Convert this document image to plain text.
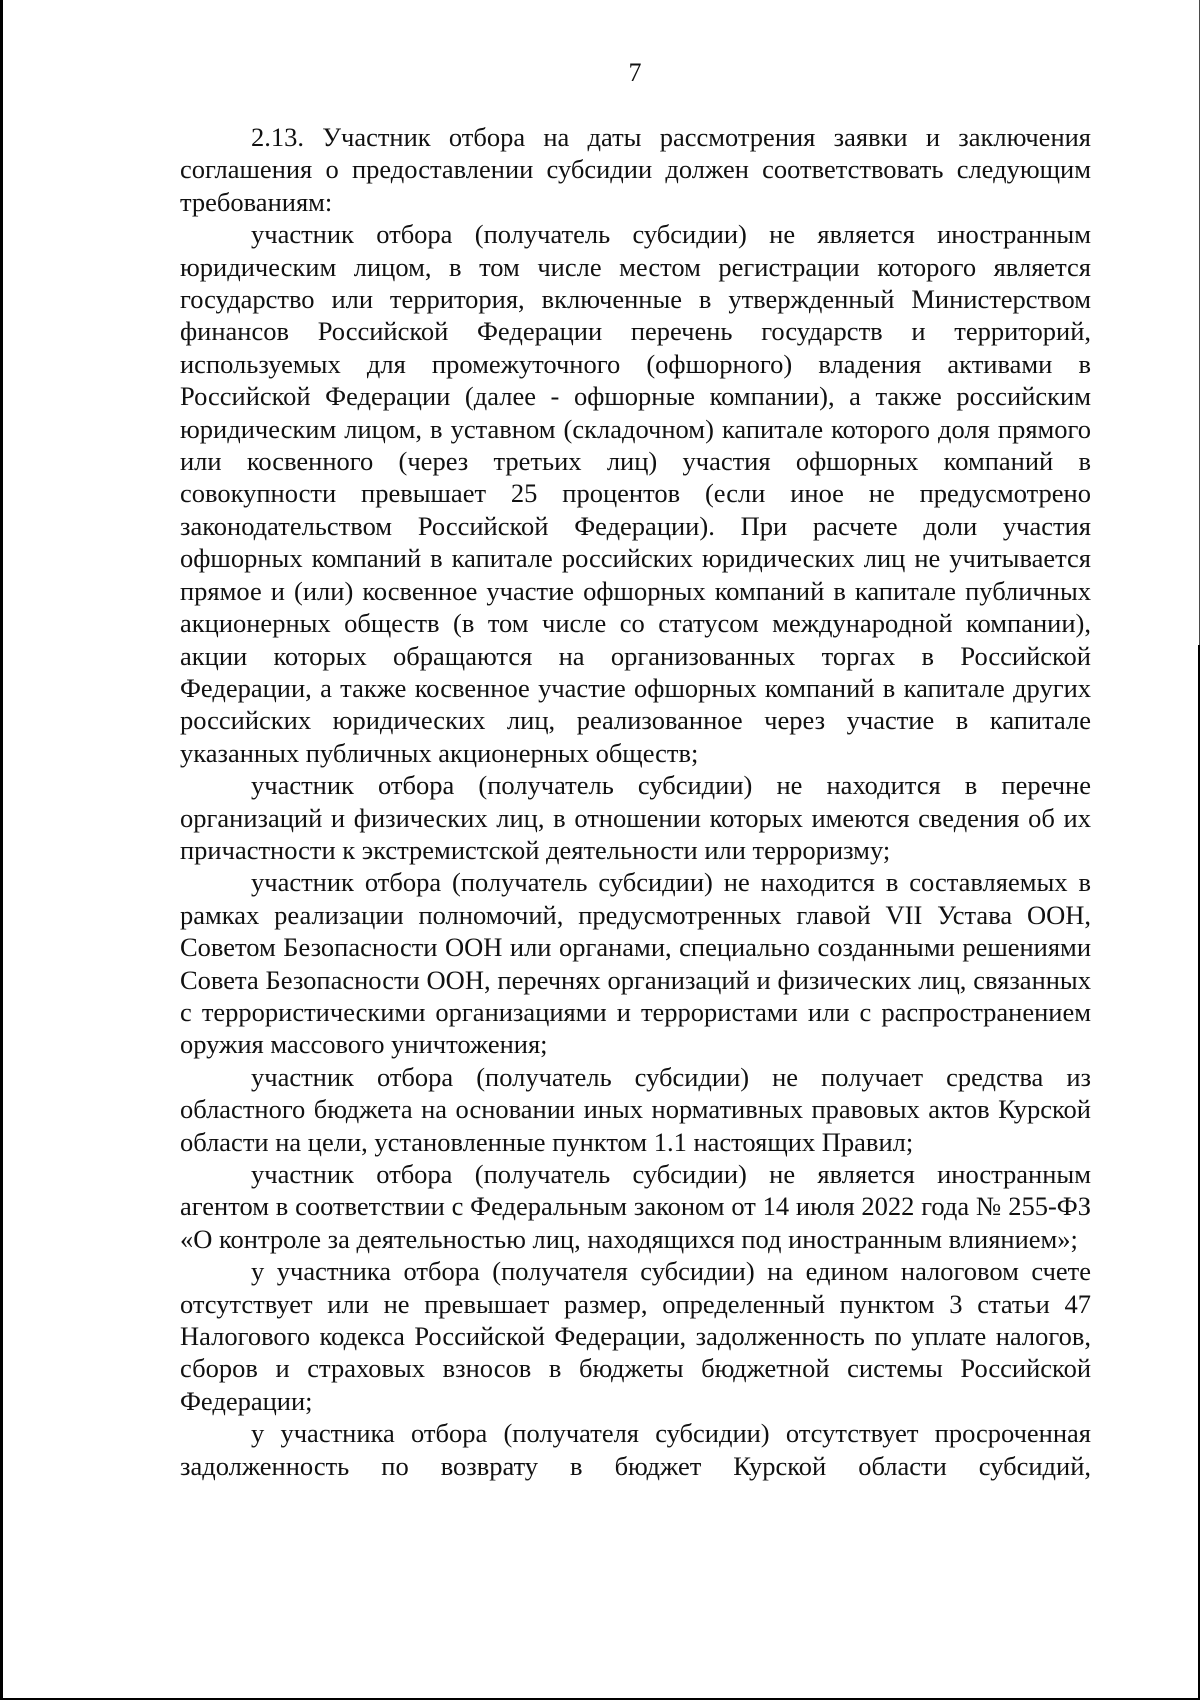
7

2.13. Участник отбора на даты рассмотрения заявки и заключения соглашения о предоставлении субсидии должен соответствовать следующим требованиям:

участник отбора (получатель субсидии) не является иностранным юридическим лицом, в том числе местом регистрации которого является государство или территория, включенные в утвержденный Министерством финансов Российской Федерации перечень государств и территорий, используемых для промежуточного (офшорного) владения активами в Российской Федерации (далее - офшорные компании), а также российским юридическим лицом, в уставном (складочном) капитале которого доля прямого или косвенного (через третьих лиц) участия офшорных компаний в совокупности превышает 25 процентов (если иное не предусмотрено законодательством Российской Федерации). При расчете доли участия офшорных компаний в капитале российских юридических лиц не учитывается прямое и (или) косвенное участие офшорных компаний в капитале публичных акционерных обществ (в том числе со статусом международной компании), акции которых обращаются на организованных торгах в Российской Федерации, а также косвенное участие офшорных компаний в капитале других российских юридических лиц, реализованное через участие в капитале указанных публичных акционерных обществ;

участник отбора (получатель субсидии) не находится в перечне организаций и физических лиц, в отношении которых имеются сведения об их причастности к экстремистской деятельности или терроризму;

участник отбора (получатель субсидии) не находится в составляемых в рамках реализации полномочий, предусмотренных главой VII Устава ООН, Советом Безопасности ООН или органами, специально созданными решениями Совета Безопасности ООН, перечнях организаций и физических лиц, связанных с террористическими организациями и террористами или с распространением оружия массового уничтожения;

участник отбора (получатель субсидии) не получает средства из областного бюджета на основании иных нормативных правовых актов Курской области на цели, установленные пунктом 1.1 настоящих Правил;

участник отбора (получатель субсидии) не является иностранным агентом в соответствии с Федеральным законом от 14 июля 2022 года № 255-ФЗ «О контроле за деятельностью лиц, находящихся под иностранным влиянием»;

у участника отбора (получателя субсидии) на едином налоговом счете отсутствует или не превышает размер, определенный пунктом 3 статьи 47 Налогового кодекса Российской Федерации, задолженность по уплате налогов, сборов и страховых взносов в бюджеты бюджетной системы Российской Федерации;

у участника отбора (получателя субсидии) отсутствует просроченная задолженность по возврату в бюджет Курской области субсидий,
